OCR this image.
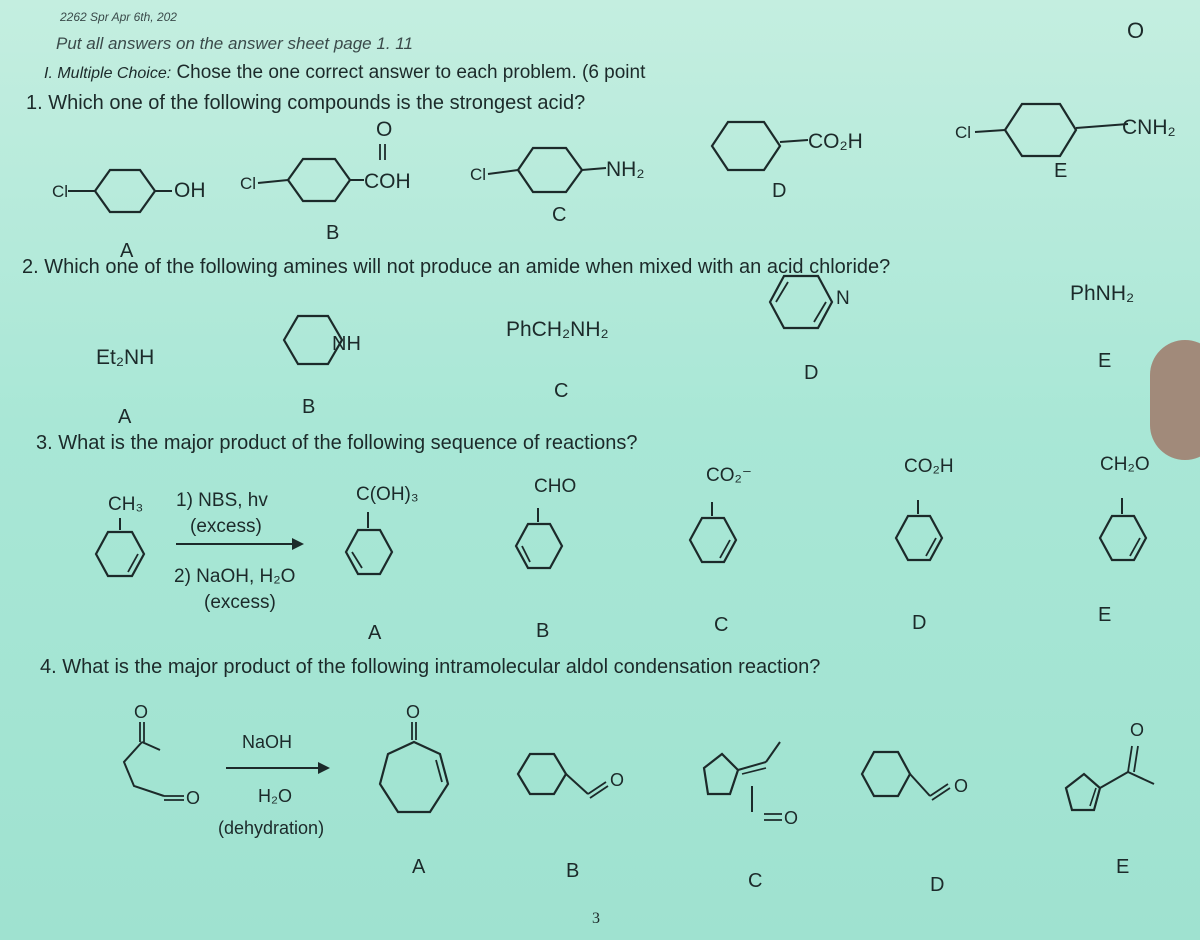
2262 Spr Apr 6th, 202
Put all answers on the answer sheet page 1. 11
I. Multiple Choice: Chose the one correct answer to each problem. (6 point
1. Which one of the following compounds is the strongest acid?
Cl	OH Cl	COH
O
Cl	NH₂
CO₂H	Cl	CNH₂
A
B
C
D
E
O
2. Which one of the following amines will not produce an amide when mixed with an acid chloride?
Et₂NH
NH
PhCH₂NH₂
N	PhNH₂
A	B
C
D
E
3. What is the major product of the following sequence of reactions?
CH₃ 1) NBS, hv
(excess)
2) NaOH, H₂O
(excess)
C(OH)₃	CHO
CO₂⁻	CO₂H	CH₂O
A	B	C	D	E
4. What is the major product of the following intramolecular aldol condensation reaction?
NaOH
H₂O
(dehydration)
O
O
O
O
O
O
O
A	B	C	D
E
3
